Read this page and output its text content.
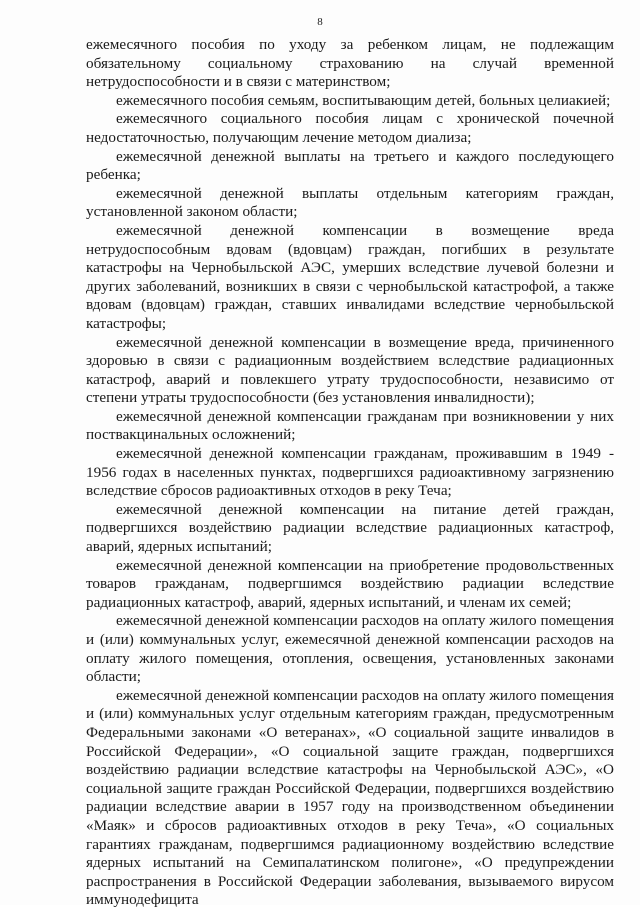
8

ежемесячного пособия по уходу за ребенком лицам, не подлежащим обязательному социальному страхованию на случай временной нетрудоспособности и в связи с материнством;

ежемесячного пособия семьям, воспитывающим детей, больных целиакией;

ежемесячного социального пособия лицам с хронической почечной недостаточностью, получающим лечение методом диализа;

ежемесячной денежной выплаты на третьего и каждого последующего ребенка;

ежемесячной денежной выплаты отдельным категориям граждан, установленной законом области;

ежемесячной денежной компенсации в возмещение вреда нетрудоспособным вдовам (вдовцам) граждан, погибших в результате катастрофы на Чернобыльской АЭС, умерших вследствие лучевой болезни и других заболеваний, возникших в связи с чернобыльской катастрофой, а также вдовам (вдовцам) граждан, ставших инвалидами вследствие чернобыльской катастрофы;

ежемесячной денежной компенсации в возмещение вреда, причиненного здоровью в связи с радиационным воздействием вследствие радиационных катастроф, аварий и повлекшего утрату трудоспособности, независимо от степени утраты трудоспособности (без установления инвалидности);

ежемесячной денежной компенсации гражданам при возникновении у них поствакцинальных осложнений;

ежемесячной денежной компенсации гражданам, проживавшим в 1949 - 1956 годах в населенных пунктах, подвергшихся радиоактивному загрязнению вследствие сбросов радиоактивных отходов в реку Теча;

ежемесячной денежной компенсации на питание детей граждан, подвергшихся воздействию радиации вследствие радиационных катастроф, аварий, ядерных испытаний;

ежемесячной денежной компенсации на приобретение продовольственных товаров гражданам, подвергшимся воздействию радиации вследствие радиационных катастроф, аварий, ядерных испытаний, и членам их семей;

ежемесячной денежной компенсации расходов на оплату жилого помещения и (или) коммунальных услуг, ежемесячной денежной компенсации расходов на оплату жилого помещения, отопления, освещения, установленных законами области;

ежемесячной денежной компенсации расходов на оплату жилого помещения и (или) коммунальных услуг отдельным категориям граждан, предусмотренным Федеральными законами «О ветеранах», «О социальной защите инвалидов в Российской Федерации», «О социальной защите граждан, подвергшихся воздействию радиации вследствие катастрофы на Чернобыльской АЭС», «О социальной защите граждан Российской Федерации, подвергшихся воздействию радиации вследствие аварии в 1957 году на производственном объединении «Маяк» и сбросов радиоактивных отходов в реку Теча», «О социальных гарантиях гражданам, подвергшимся радиационному воздействию вследствие ядерных испытаний на Семипалатинском полигоне», «О предупреждении распространения в Российской Федерации заболевания, вызываемого вирусом иммунодефицита
